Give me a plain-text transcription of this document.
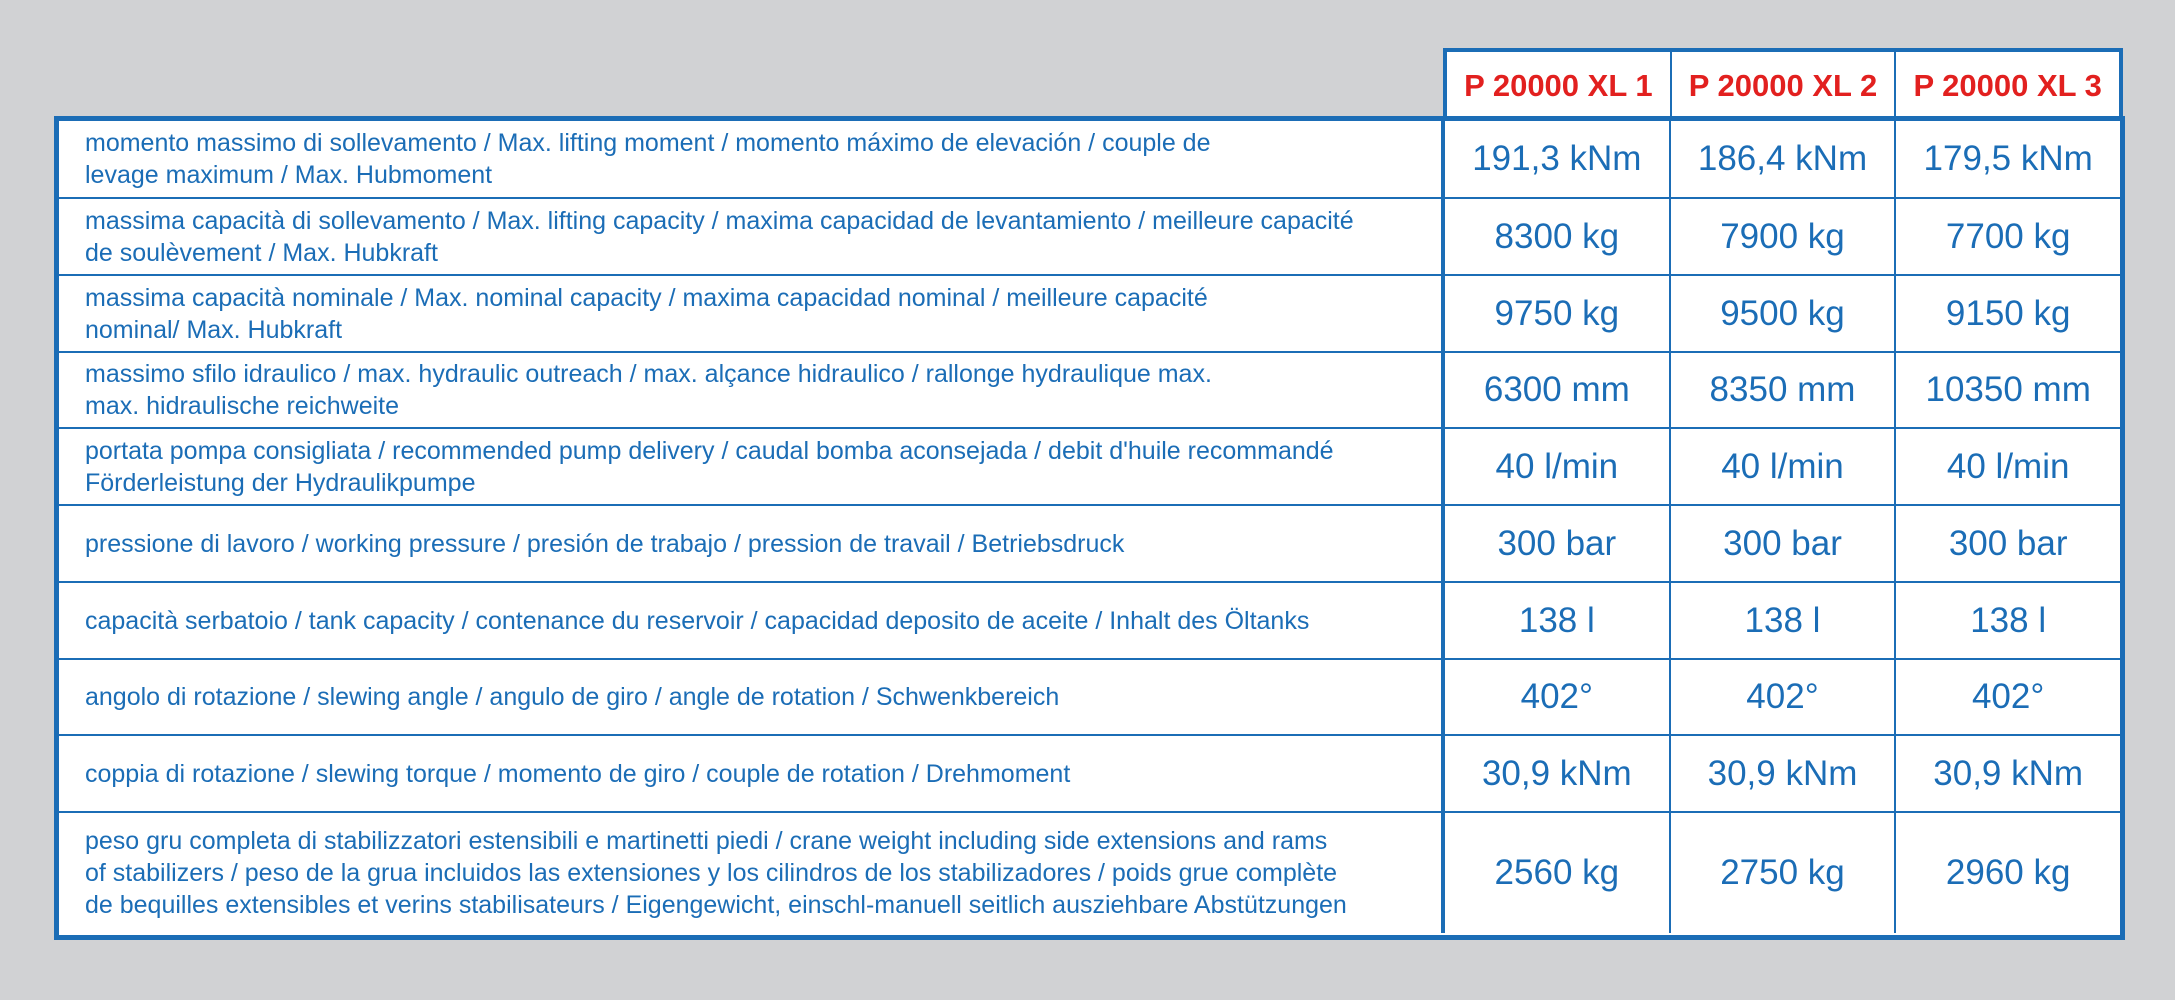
P 20000 XL 1	P 20000 XL 2	P 20000 XL 3
momento massimo di sollevamento / Max. lifting moment / momento máximo de elevación / couple de
levage maximum / Max. Hubmoment	191,3 kNm	186,4 kNm	179,5 kNm
massima capacità di sollevamento / Max. lifting capacity / maxima capacidad de levantamiento / meilleure capacité
de soulèvement / Max. Hubkraft	8300 kg	7900 kg	7700 kg
massima capacità nominale / Max. nominal capacity / maxima capacidad nominal / meilleure capacité
nominal/ Max. Hubkraft	9750 kg	9500 kg	9150 kg
massimo sfilo idraulico / max. hydraulic outreach / max. alçance hidraulico / rallonge hydraulique max.
max. hidraulische reichweite	6300 mm	8350 mm	10350 mm
portata pompa consigliata / recommended pump delivery / caudal bomba aconsejada / debit d'huile recommandé
Förderleistung der Hydraulikpumpe	40 l/min	40 l/min	40 l/min
pressione di lavoro / working pressure / presión de trabajo / pression de travail / Betriebsdruck	300 bar	300 bar	300 bar
capacità serbatoio / tank capacity / contenance du reservoir / capacidad deposito de aceite / Inhalt des Öltanks	138 l	138 l	138 l
angolo di rotazione / slewing angle / angulo de giro / angle de rotation / Schwenkbereich	402°	402°	402°
coppia di rotazione / slewing torque / momento de giro / couple de rotation / Drehmoment	30,9 kNm	30,9 kNm	30,9 kNm
peso gru completa di stabilizzatori estensibili e martinetti piedi / crane weight including side extensions and rams
of stabilizers / peso de la grua incluidos las extensiones y los cilindros de los stabilizadores / poids grue complète
de bequilles extensibles et verins stabilisateurs / Eigengewicht, einschl-manuell seitlich ausziehbare Abstützungen
2560 kg	2750 kg	2960 kg
